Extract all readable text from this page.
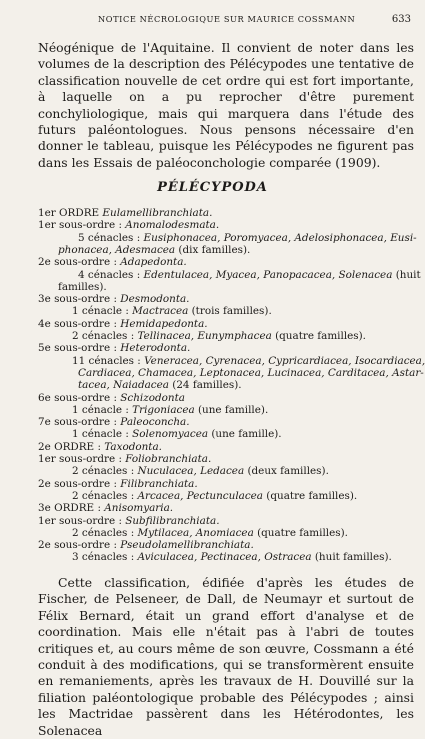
NOTICE NÉCROLOGIQUE SUR MAURICE COSSMANN	633
Néogénique de l'Aquitaine. Il convient de noter dans les volumes de la description des Pélécypodes une tentative de classification nouvelle de cet ordre qui est fort importante, à laquelle on a pu reprocher d'être purement conchyliologique, mais qui marquera dans l'étude des futurs paléontologues. Nous pensons nécessaire d'en donner le tableau, puisque les Pélécypodes ne figurent pas dans les Essais de paléoconchologie comparée (1909).
PÉLÉCYPODA
1er ORDRE Eulamellibranchiata.
1er sous-ordre : Anomalodesmata.
5 cénacles : Eusiphonacea, Poromyacea, Adelosiphonacea, Eusi-
phonacea, Adesmacea (dix familles).
2e sous-ordre : Adapedonta.
4 cénacles : Edentulacea, Myacea, Panopacacea, Solenacea (huit
familles).
3e sous-ordre : Desmodonta.
1 cénacle : Mactracea (trois familles).
4e sous-ordre : Hemidapedonta.
2 cénacles : Tellinacea, Eunymphacea (quatre familles).
5e sous-ordre : Heterodonta.
11 cénacles : Veneracea, Cyrenacea, Cypricardiacea, Isocardiacea,
Cardiacea, Chamacea, Leptonacea, Lucinacea, Carditacea, Astar-
tacea, Naiadacea (24 familles).
6e sous-ordre : Schizodonta
1 cénacle : Trigoniacea (une famille).
7e sous-ordre : Paleoconcha.
1 cénacle : Solenomyacea (une famille).
2e ORDRE : Taxodonta.
1er sous-ordre : Foliobranchiata.
2 cénacles : Nuculacea, Ledacea (deux familles).
2e sous-ordre : Filibranchiata.
2 cénacles : Arcacea, Pectunculacea (quatre familles).
3e ORDRE : Anisomyaria.
1er sous-ordre : Subfilibranchiata.
2 cénacles : Mytilacea, Anomiacea (quatre familles).
2e sous-ordre : Pseudolamellibranchiata.
3 cénacles : Aviculacea, Pectinacea, Ostracea (huit familles).
Cette classification, édifiée d'après les études de Fischer, de Pelseneer, de Dall, de Neumayr et surtout de Félix Bernard, était un grand effort d'analyse et de coordination. Mais elle n'était pas à l'abri de toutes critiques et, au cours même de son œuvre, Cossmann a été conduit à des modifications, qui se transformèrent ensuite en remaniements, après les travaux de H. Douvillé sur la filiation paléontologique probable des Pélécypodes ; ainsi les Mactridae passèrent dans les Hétérodontes, les Solenacea
